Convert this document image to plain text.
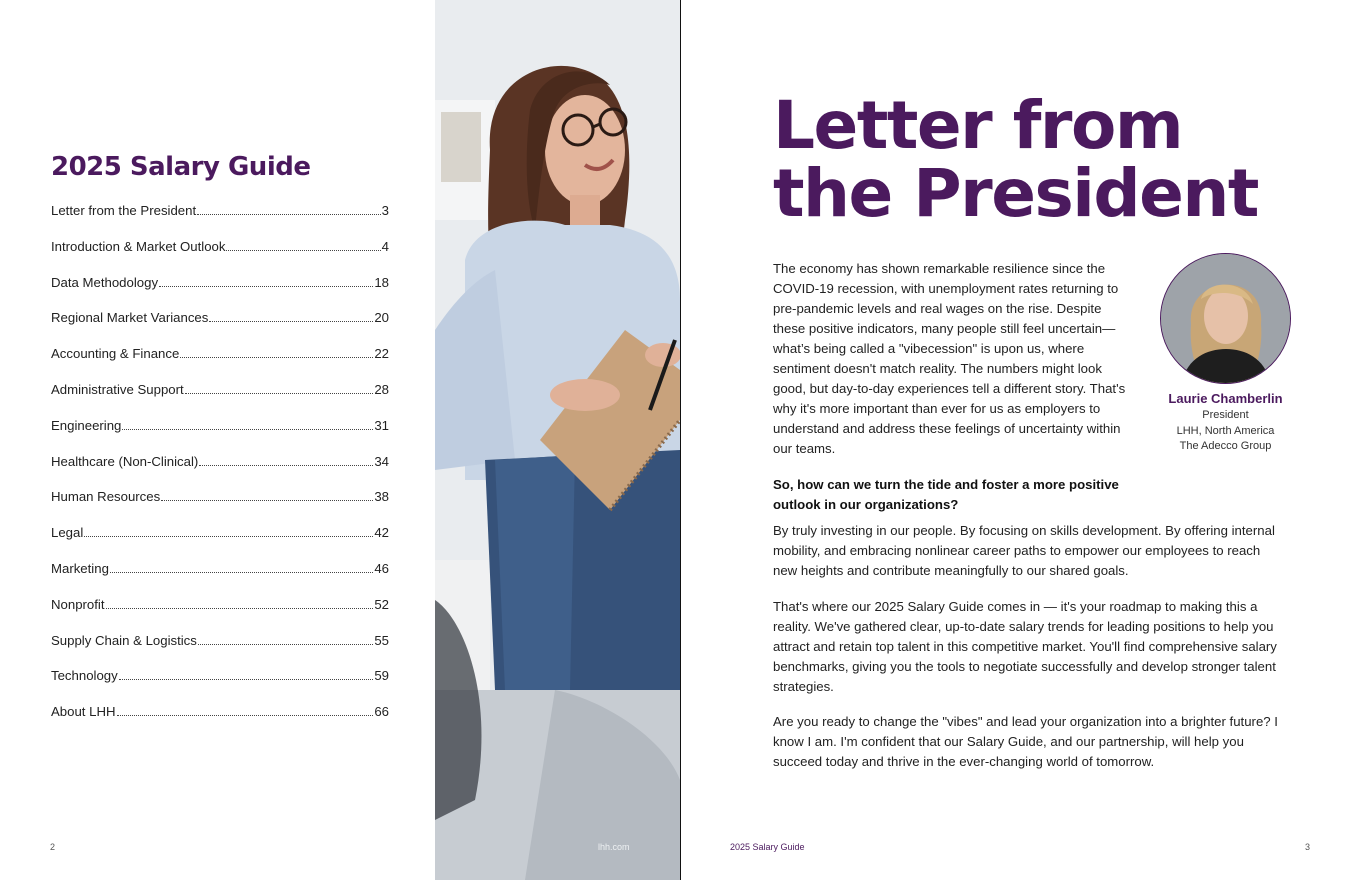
2025 Salary Guide
Letter from the President	3
Introduction & Market Outlook	4
Data Methodology	18
Regional Market Variances	20
Accounting & Finance	22
Administrative Support	28
Engineering	31
Healthcare (Non-Clinical)	34
Human Resources	38
Legal	42
Marketing	46
Nonprofit	52
Supply Chain & Logistics	55
Technology	59
About LHH	66
2	lhh.com
Letter from
the President

The economy has shown remarkable resilience since the COVID-19 recession, with unemployment rates returning to pre-pandemic levels and real wages on the rise. Despite these positive indicators, many people still feel uncertain—what’s being called a "vibecession" is upon us, where sentiment doesn't match reality. The numbers might look good, but day-to-day experiences tell a different story. That's why it's more important than ever for us as employers to understand and address these feelings of uncertainty within our teams.

Laurie Chamberlin
President
LHH, North America
The Adecco Group

So, how can we turn the tide and foster a more positive outlook in our organizations?

By truly investing in our people. By focusing on skills development. By offering internal mobility, and embracing nonlinear career paths to empower our employees to reach new heights and contribute meaningfully to our shared goals.

That's where our 2025 Salary Guide comes in — it's your roadmap to making this a reality. We've gathered clear, up-to-date salary trends for leading positions to help you attract and retain top talent in this competitive market. You'll find comprehensive salary benchmarks, giving you the tools to negotiate successfully and develop stronger talent strategies.

Are you ready to change the "vibes" and lead your organization into a brighter future? I know I am. I'm confident that our Salary Guide, and our partnership, will help you succeed today and thrive in the ever-changing world of tomorrow.

2025 Salary Guide	3
